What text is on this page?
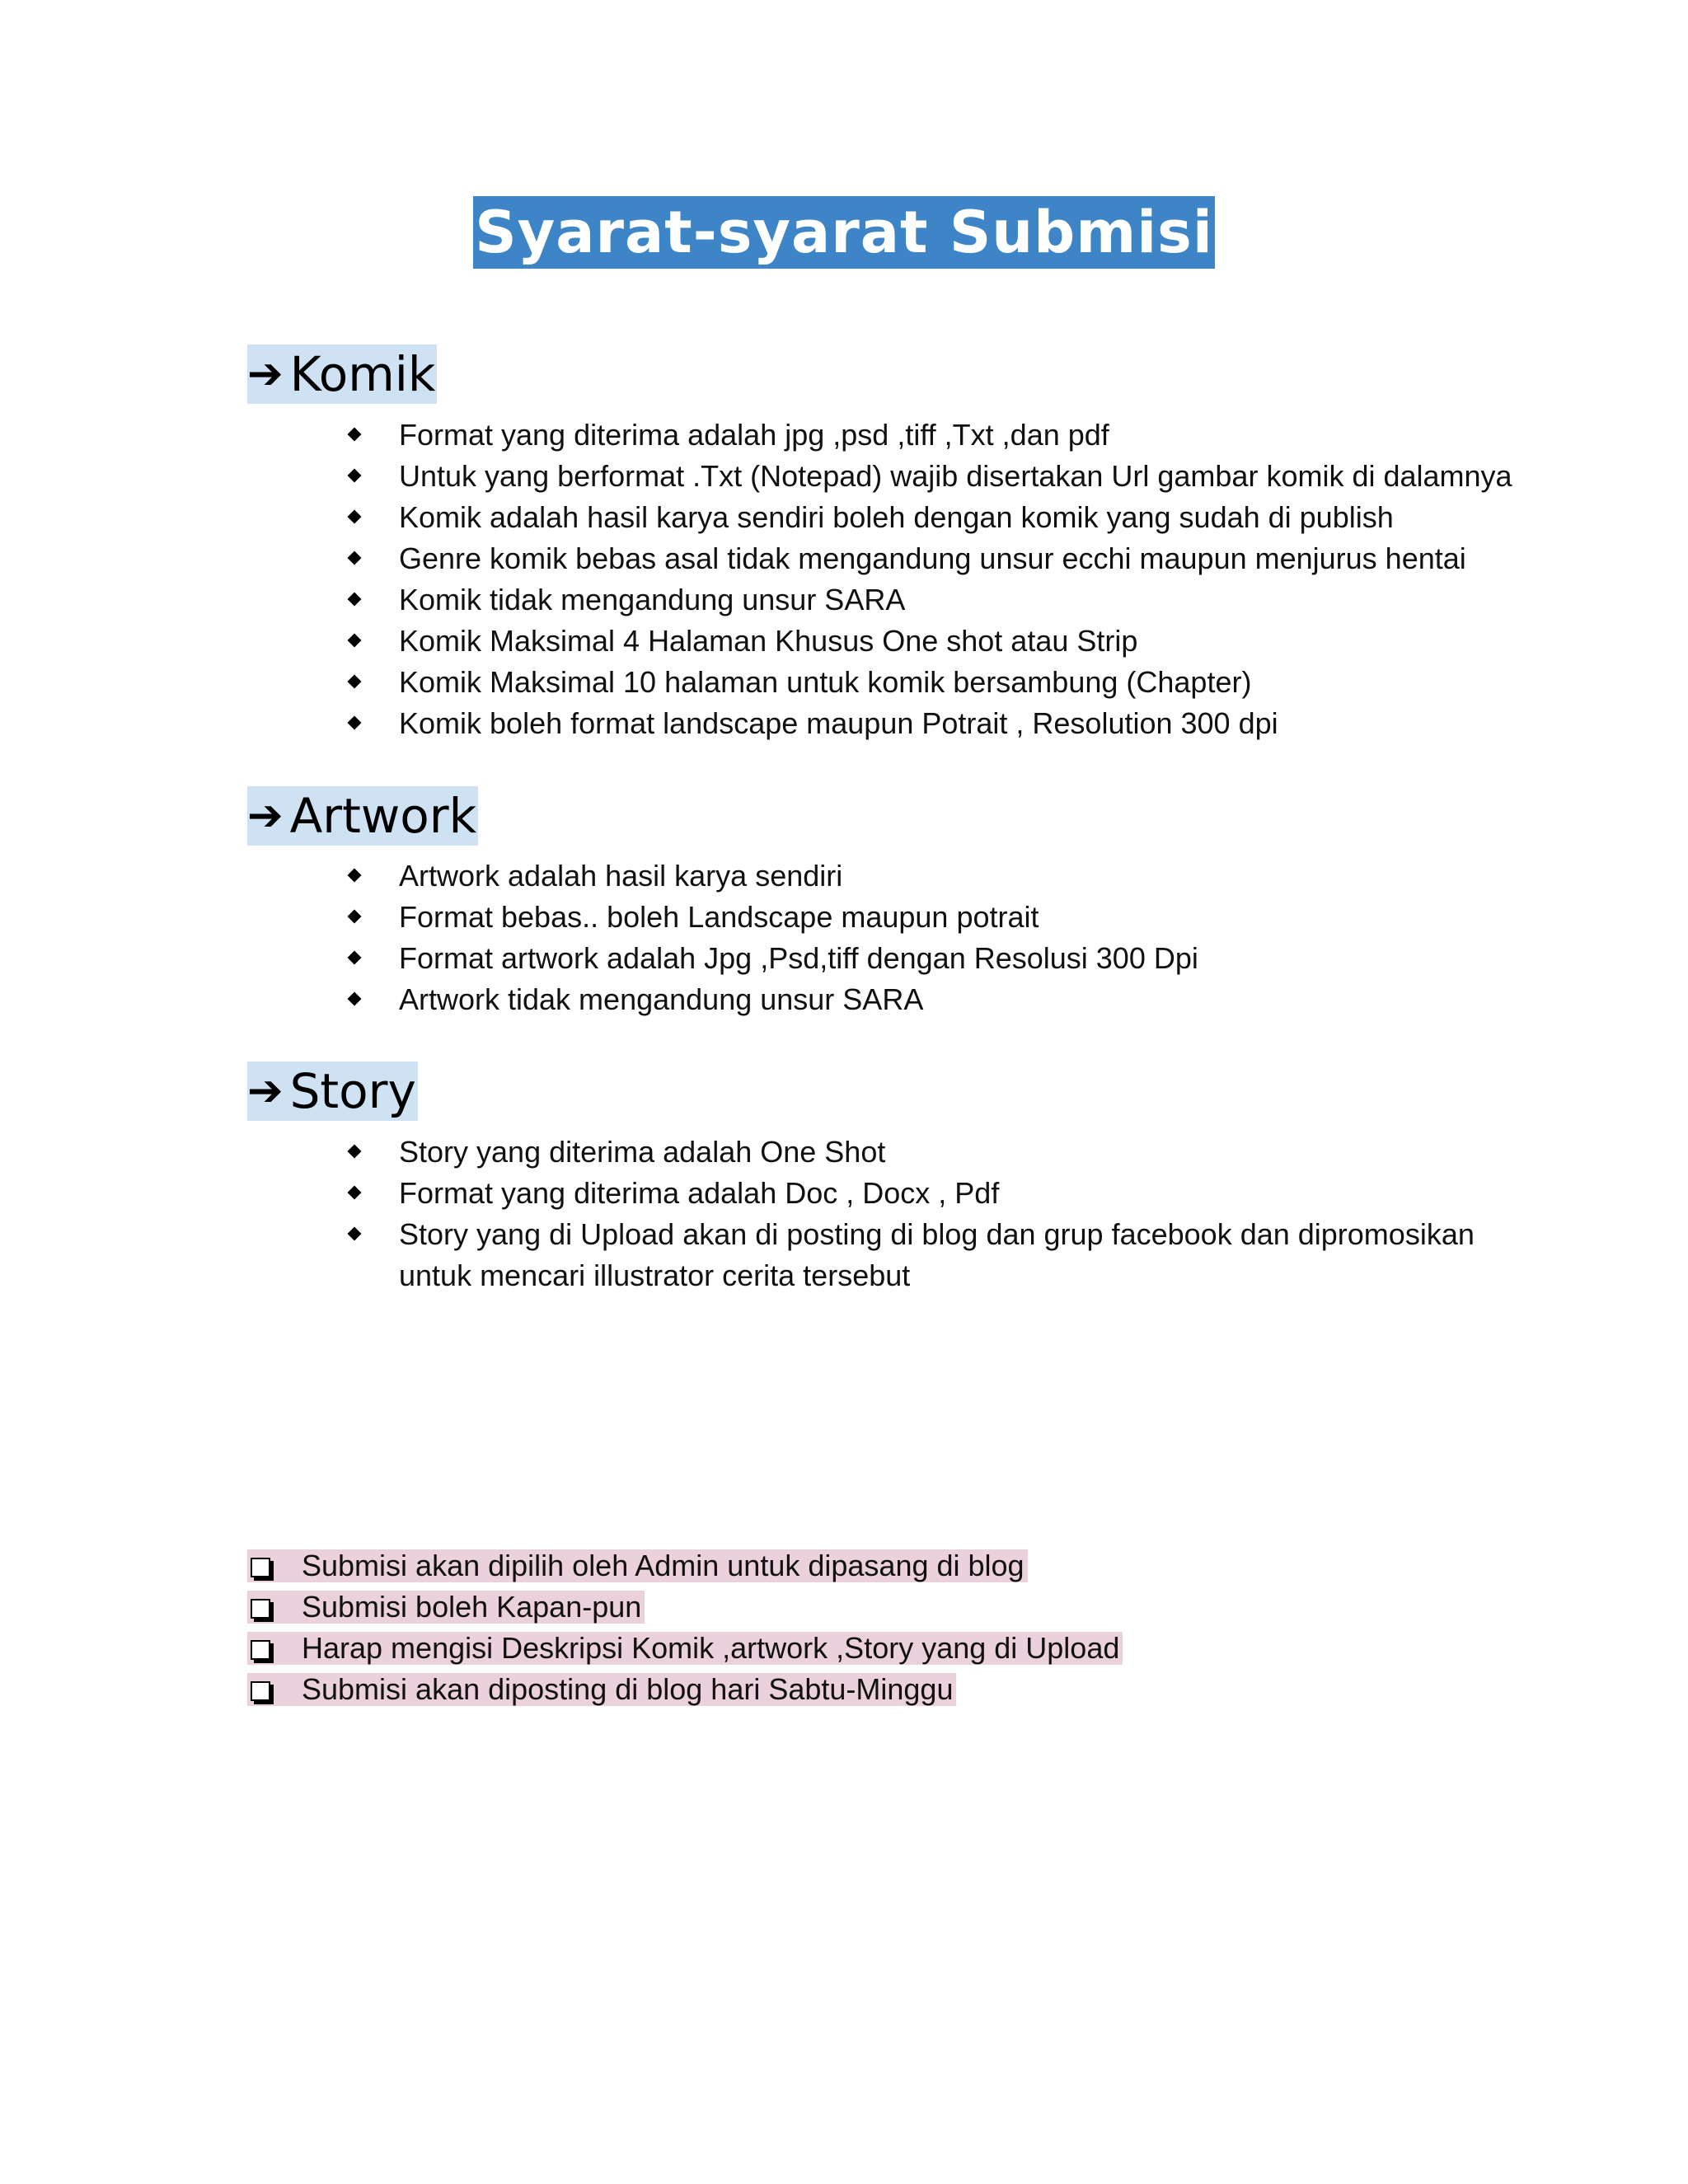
Syarat-syarat Submisi
➔ Komik
Format yang diterima adalah jpg ,psd ,tiff ,Txt ,dan pdf
Untuk yang berformat .Txt (Notepad) wajib disertakan Url gambar komik di dalamnya
Komik adalah hasil karya sendiri boleh dengan komik yang sudah di publish
Genre komik bebas asal tidak mengandung unsur ecchi maupun menjurus hentai
Komik tidak mengandung unsur SARA
Komik Maksimal 4 Halaman Khusus One shot atau Strip
Komik Maksimal 10 halaman untuk komik bersambung (Chapter)
Komik boleh format landscape maupun Potrait , Resolution 300 dpi
➔ Artwork
Artwork adalah hasil karya sendiri
Format bebas.. boleh Landscape maupun potrait
Format artwork adalah Jpg ,Psd,tiff dengan Resolusi 300 Dpi
Artwork tidak mengandung unsur SARA
➔ Story
Story yang diterima adalah One Shot
Format yang diterima adalah Doc , Docx , Pdf
Story yang di Upload akan di posting di blog dan grup facebook dan dipromosikan untuk mencari illustrator cerita tersebut
Submisi akan dipilih oleh Admin untuk dipasang di blog
Submisi boleh Kapan-pun
Harap mengisi Deskripsi Komik ,artwork ,Story yang di Upload
Submisi akan diposting di blog hari Sabtu-Minggu
